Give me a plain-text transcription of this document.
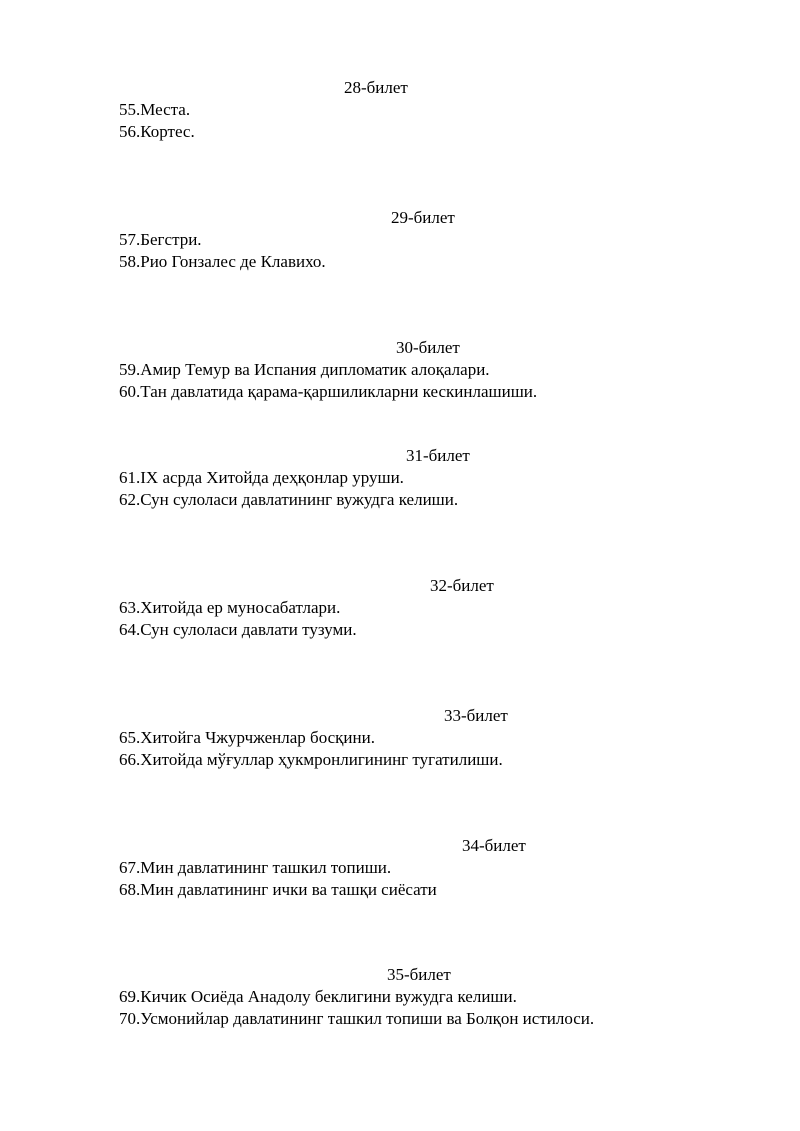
28-билет
55.Места.
56.Кортес.
29-билет
57.Бегстри.
58.Рио Гонзалес де Клавихо.
30-билет
59.Амир Темур ва Испания дипломатик алоқалари.
60.Тан давлатида қарама-қаршиликларни кескинлашиши.
31-билет
61.IX асрда Хитойда деҳқонлар уруши.
62.Сун сулоласи давлатининг вужудга келиши.
32-билет
63.Хитойда ер муносабатлари.
64.Сун сулоласи давлати тузуми.
33-билет
65.Хитойга Чжурчженлар босқини.
66.Хитойда мўғуллар ҳукмронлигининг тугатилиши.
34-билет
67.Мин давлатининг ташкил топиши.
68.Мин давлатининг ички ва ташқи сиёсати
35-билет
69.Кичик Осиёда Анадолу беклигини вужудга келиши.
70.Усмонийлар давлатининг ташкил топиши ва Болқон истилоси.
